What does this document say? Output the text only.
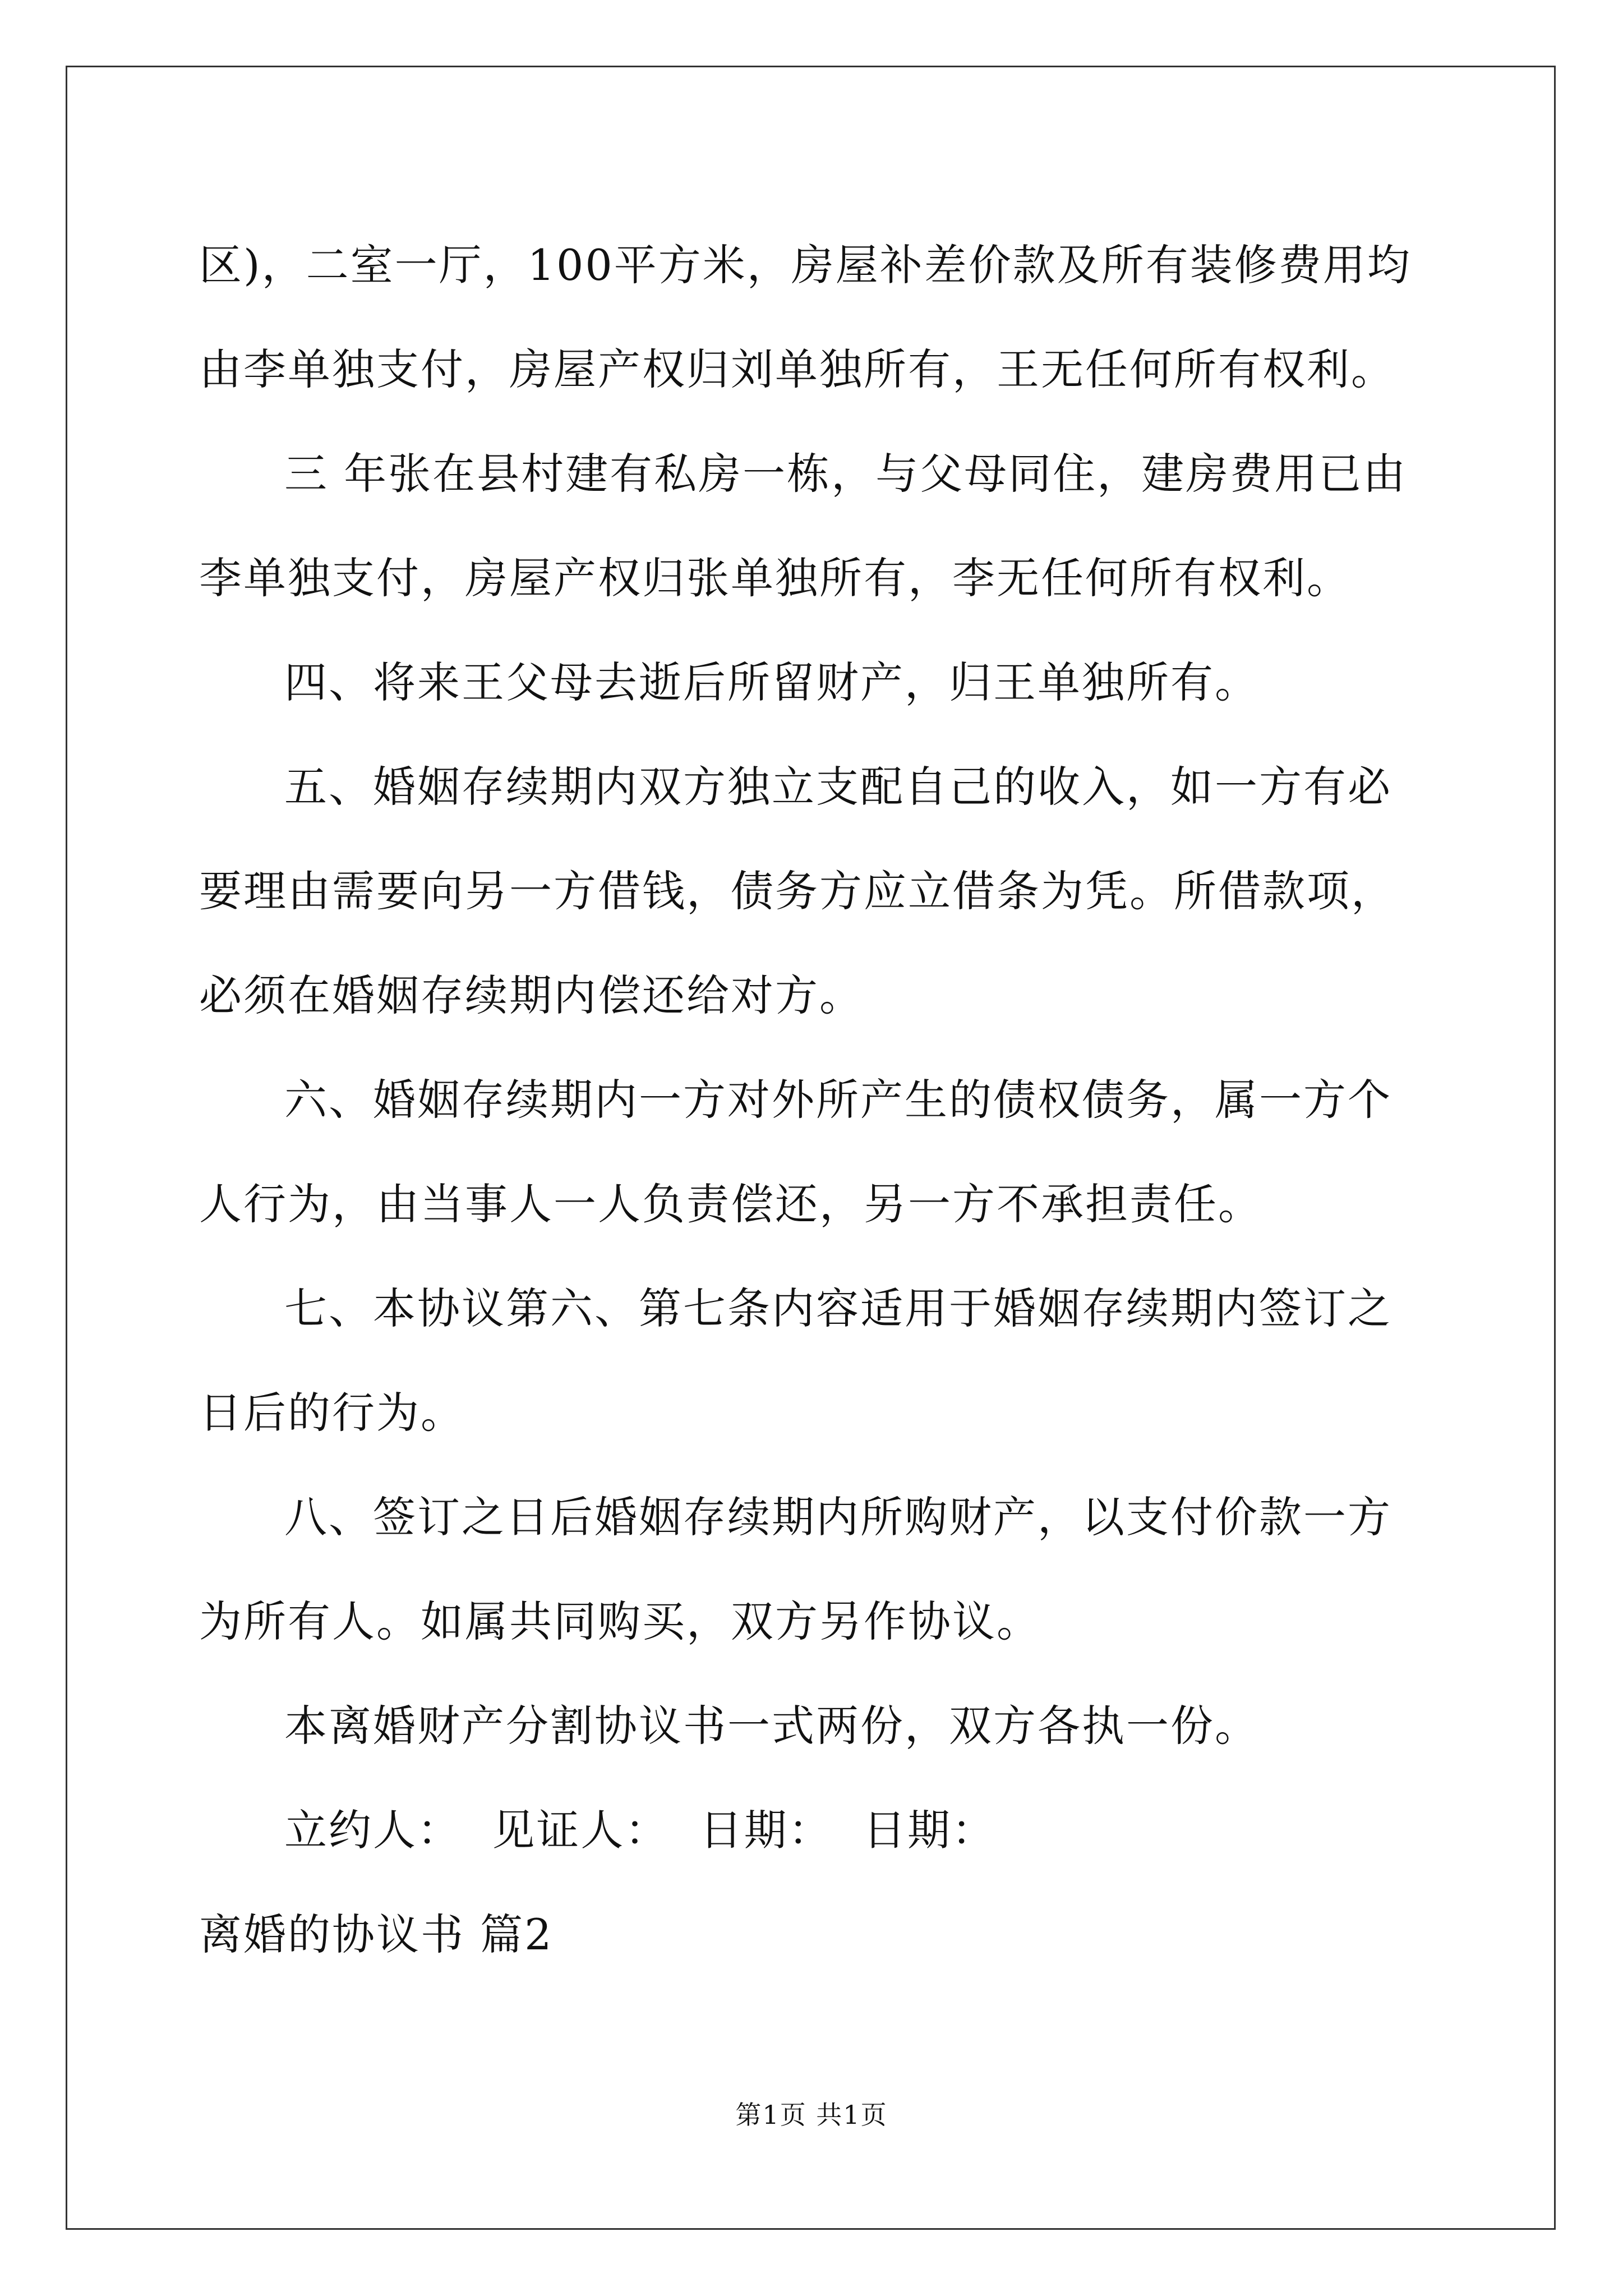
区)，二室一厅，100平方米，房屋补差价款及所有装修费用均由李单独支付，房屋产权归刘单独所有，王无任何所有权利。

三 年张在县村建有私房一栋，与父母同住，建房费用已由李单独支付，房屋产权归张单独所有，李无任何所有权利。

四、将来王父母去逝后所留财产，归王单独所有。

五、婚姻存续期内双方独立支配自己的收入，如一方有必要理由需要向另一方借钱，债务方应立借条为凭。所借款项，必须在婚姻存续期内偿还给对方。

六、婚姻存续期内一方对外所产生的债权债务，属一方个人行为，由当事人一人负责偿还，另一方不承担责任。

七、本协议第六、第七条内容适用于婚姻存续期内签订之日后的行为。

八、签订之日后婚姻存续期内所购财产，以支付价款一方为所有人。如属共同购买，双方另作协议。

本离婚财产分割协议书一式两份，双方各执一份。

立约人：  见证人：  日期：  日期：

离婚的协议书 篇2

第1页 共1页
